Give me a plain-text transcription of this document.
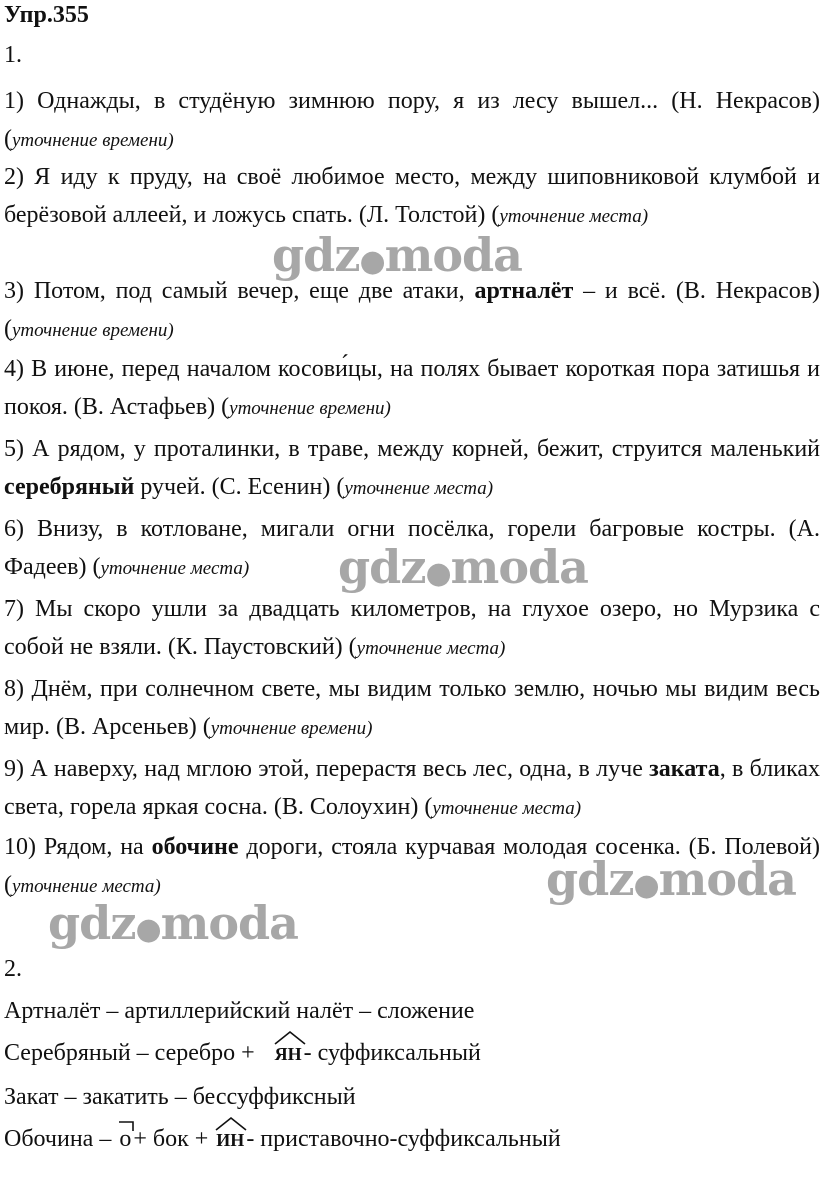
Упр.355
1.
1) Однажды, в студёную зимнюю пору, я из лесу вышел... (Н. Некрасов) (уточнение времени)
2) Я иду к пруду, на своё любимое место, между шиповниковой клумбой и берёзовой аллеей, и ложусь спать. (Л. Толстой) (уточнение места)
3) Потом, под самый вечер, еще две атаки, артналёт – и всё. (В. Некрасов) (уточнение времени)
4) В июне, перед началом косови́цы, на полях бывает короткая пора затишья и покоя. (В. Астафьев) (уточнение времени)
5) А рядом, у проталинки, в траве, между корней, бежит, струится маленький серебряный ручей. (С. Есенин) (уточнение места)
6) Внизу, в котловане, мигали огни посёлка, горели багровые костры. (А. Фадеев) (уточнение места)
7) Мы скоро ушли за двадцать километров, на глухое озеро, но Мурзика с собой не взяли. (К. Паустовский) (уточнение места)
8) Днём, при солнечном свете, мы видим только землю, ночью мы видим весь мир. (В. Арсеньев) (уточнение времени)
9) А наверху, над мглою этой, перерастя весь лес, одна, в луче заката, в бликах света, горела яркая сосна. (В. Солоухин) (уточнение места)
10) Рядом, на обочине дороги, стояла курчавая молодая сосенка. (Б. Полевой) (уточнение места)
2.
Артналёт – артиллерийский налёт – сложение
Серебряный – серебро +
ЯН- суффиксальный
Закат – закатить – бессуффиксный
Обочина –
о+ бок +
ИН- приставочно-суффиксальный
gdz●moda
gdz●moda
gdz●moda
gdz●moda
